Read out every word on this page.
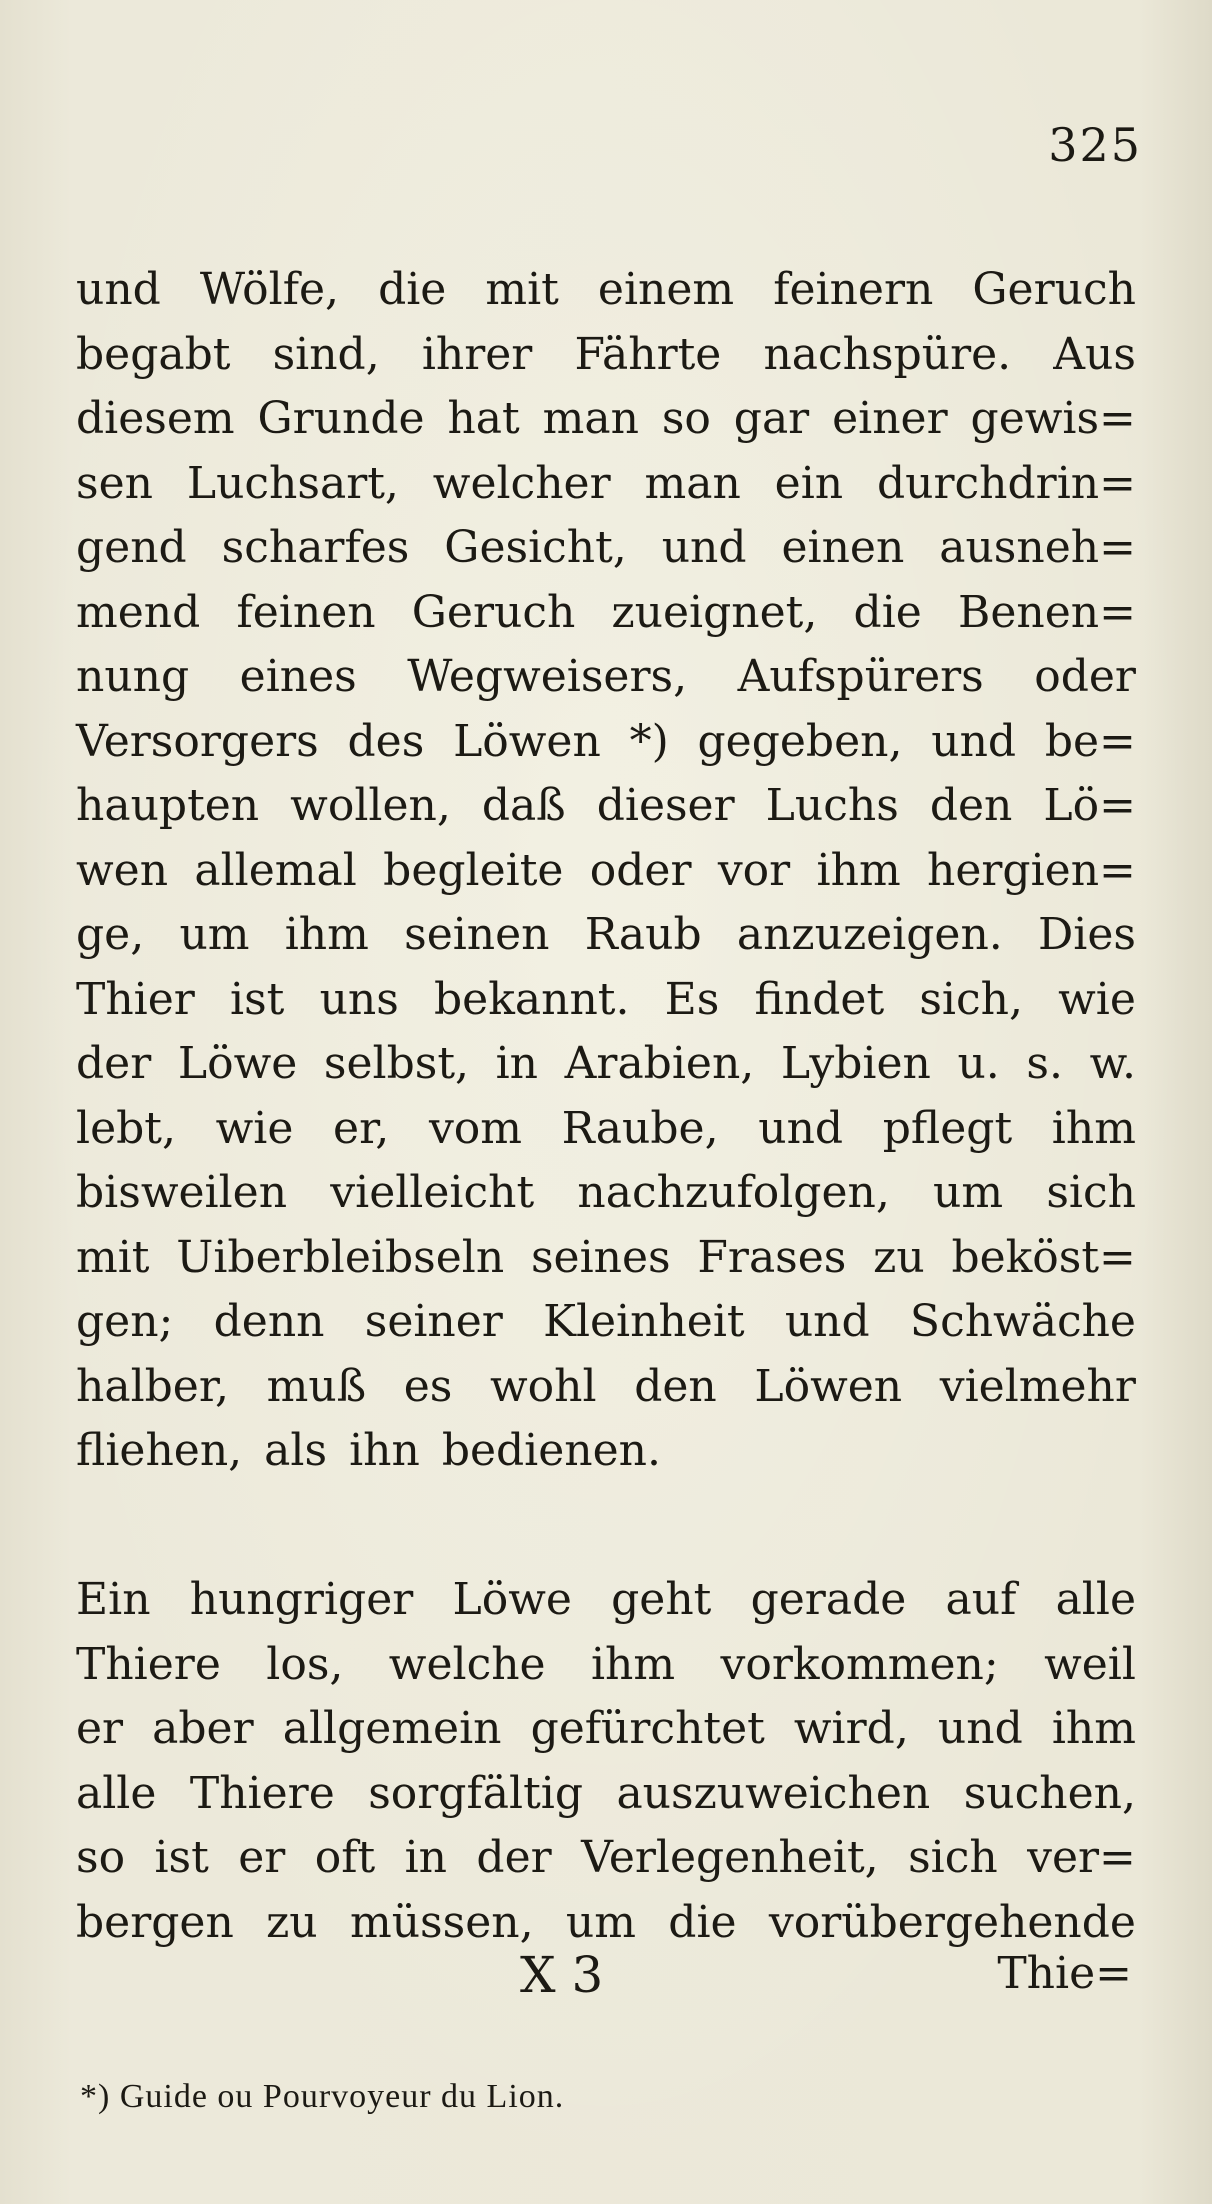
325
und Wölfe, die mit einem feinern Geruch
begabt sind, ihrer Fährte nachspüre. Aus
diesem Grunde hat man so gar einer gewis=
sen Luchsart, welcher man ein durchdrin=
gend scharfes Gesicht, und einen ausneh=
mend feinen Geruch zueignet, die Benen=
nung eines Wegweisers, Aufspürers oder
Versorgers des Löwen *) gegeben, und be=
haupten wollen, daß dieser Luchs den Lö=
wen allemal begleite oder vor ihm hergien=
ge, um ihm seinen Raub anzuzeigen. Dies
Thier ist uns bekannt. Es findet sich, wie
der Löwe selbst, in Arabien, Lybien u. s. w.
lebt, wie er, vom Raube, und pflegt ihm
bisweilen vielleicht nachzufolgen, um sich
mit Uiberbleibseln seines Frases zu beköst=
gen; denn seiner Kleinheit und Schwäche
halber, muß es wohl den Löwen vielmehr
fliehen, als ihn bedienen.
Ein hungriger Löwe geht gerade auf alle
Thiere los, welche ihm vorkommen; weil
er aber allgemein gefürchtet wird, und ihm
alle Thiere sorgfältig auszuweichen suchen,
so ist er oft in der Verlegenheit, sich ver=
bergen zu müssen, um die vorübergehende
X 3	Thie=
*) Guide ou Pourvoyeur du Lion.
